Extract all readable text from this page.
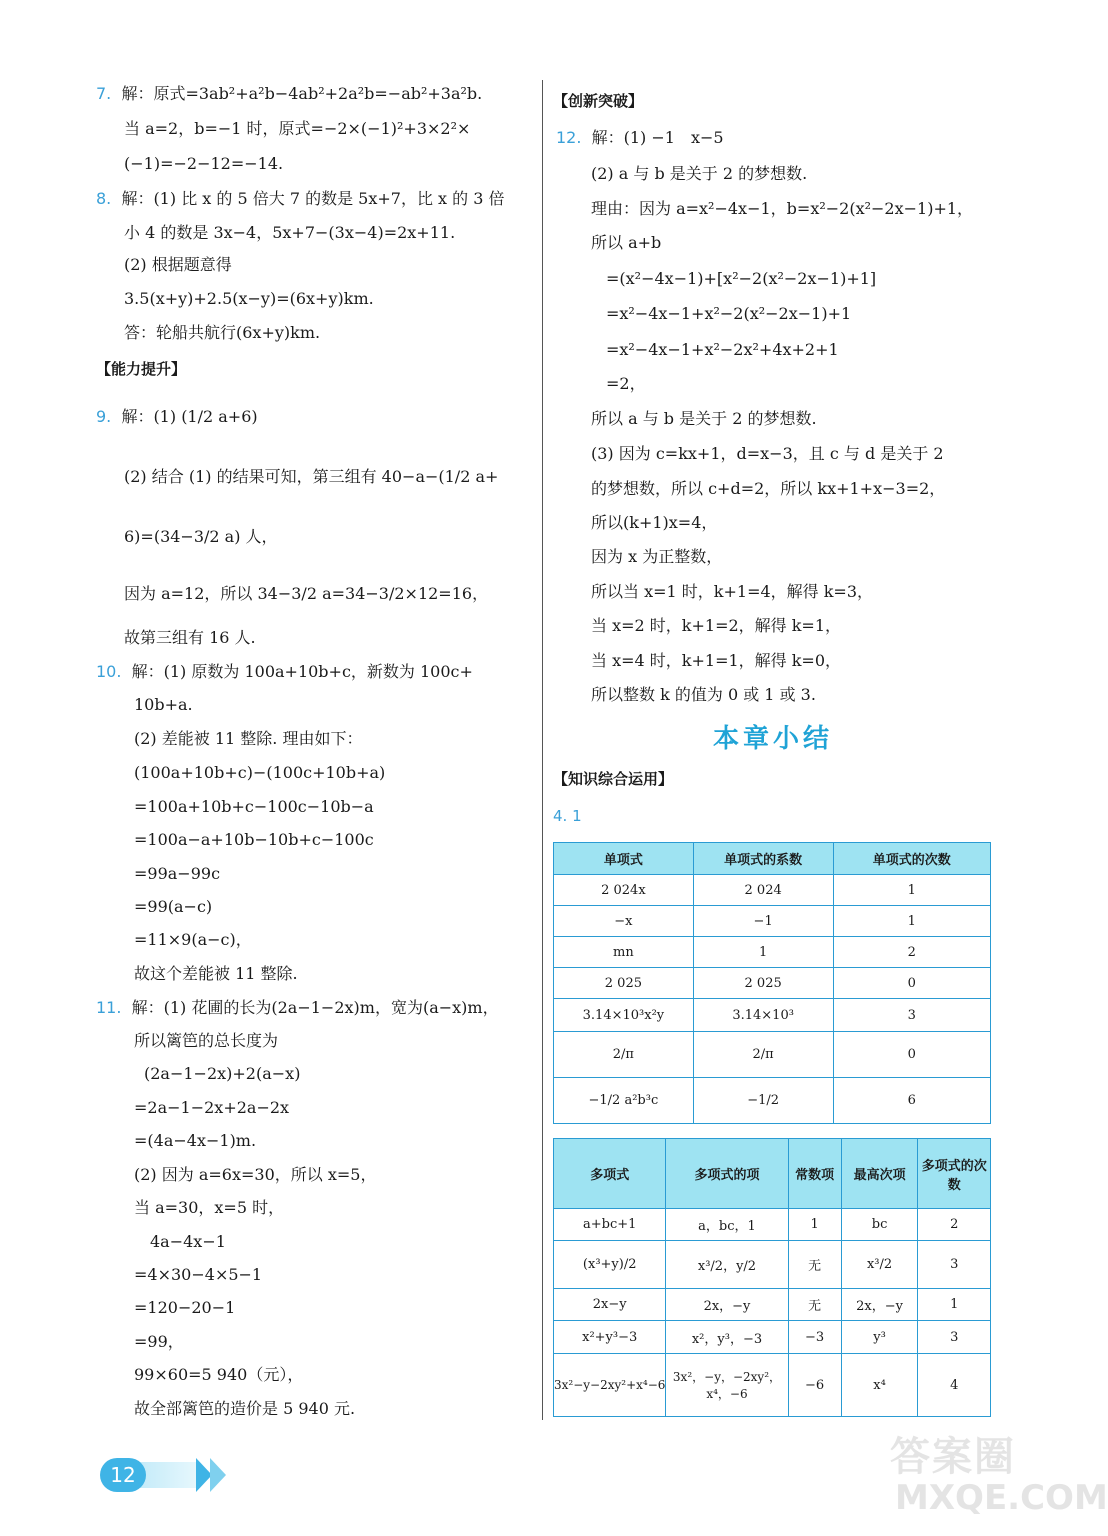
7. 解：原式=3ab²+a²b−4ab²+2a²b=−ab²+3a²b.
当 a=2，b=−1 时，原式=−2×(−1)²+3×2²×
(−1)=−2−12=−14.
8. 解：(1) 比 x 的 5 倍大 7 的数是 5x+7，比 x 的 3 倍
小 4 的数是 3x−4，5x+7−(3x−4)=2x+11.
(2) 根据题意得
3.5(x+y)+2.5(x−y)=(6x+y)km.
答：轮船共航行(6x+y)km.
【能力提升】
9. 解：(1) (1/2 a+6)
(2) 结合 (1) 的结果可知，第三组有 40−a−(1/2 a+
6)=(34−3/2 a) 人，
因为 a=12，所以 34−3/2 a=34−3/2×12=16，
故第三组有 16 人.
10. 解：(1) 原数为 100a+10b+c，新数为 100c+
10b+a.
(2) 差能被 11 整除. 理由如下：
(100a+10b+c)−(100c+10b+a)
=100a+10b+c−100c−10b−a
=100a−a+10b−10b+c−100c
=99a−99c
=99(a−c)
=11×9(a−c)，
故这个差能被 11 整除.
11. 解：(1) 花圃的长为(2a−1−2x)m，宽为(a−x)m，
所以篱笆的总长度为
(2a−1−2x)+2(a−x)
=2a−1−2x+2a−2x
=(4a−4x−1)m.
(2) 因为 a=6x=30，所以 x=5，
当 a=30，x=5 时，
4a−4x−1
=4×30−4×5−1
=120−20−1
=99，
99×60=5 940（元），
故全部篱笆的造价是 5 940 元.
【创新突破】
12. 解：(1) −1　x−5
(2) a 与 b 是关于 2 的梦想数.
理由：因为 a=x²−4x−1，b=x²−2(x²−2x−1)+1，
所以 a+b
=(x²−4x−1)+[x²−2(x²−2x−1)+1]
=x²−4x−1+x²−2(x²−2x−1)+1
=x²−4x−1+x²−2x²+4x+2+1
=2，
所以 a 与 b 是关于 2 的梦想数.
(3) 因为 c=kx+1，d=x−3，且 c 与 d 是关于 2
的梦想数，所以 c+d=2，所以 kx+1+x−3=2，
所以(k+1)x=4，
因为 x 为正整数，
所以当 x=1 时，k+1=4，解得 k=3，
当 x=2 时，k+1=2，解得 k=1，
当 x=4 时，k+1=1，解得 k=0，
所以整数 k 的值为 0 或 1 或 3.
本章小结
【知识综合运用】
4. 1
单项式	单项式的系数	单项式的次数
2 024x	2 024	1
−x	−1	1
mn	1	2
2 025	2 025	0
3.14×10³x²y	3.14×10³	3
2/π	2/π	0
−1/2 a²b³c	−1/2	6
多项式	多项式的项	常数项	最高次项	多项式的次数
a+bc+1	a，bc，1	1	bc	2
(x³+y)/2	x³/2，y/2	无	x³/2	3
2x−y	2x，−y	无	2x，−y	1
x²+y³−3	x²，y³，−3	−3	y³	3
3x²−y−2xy²+x⁴−6	3x²，−y，−2xy²，x⁴，−6	−6	x⁴	4
12	答案圈
MXQE.COM
